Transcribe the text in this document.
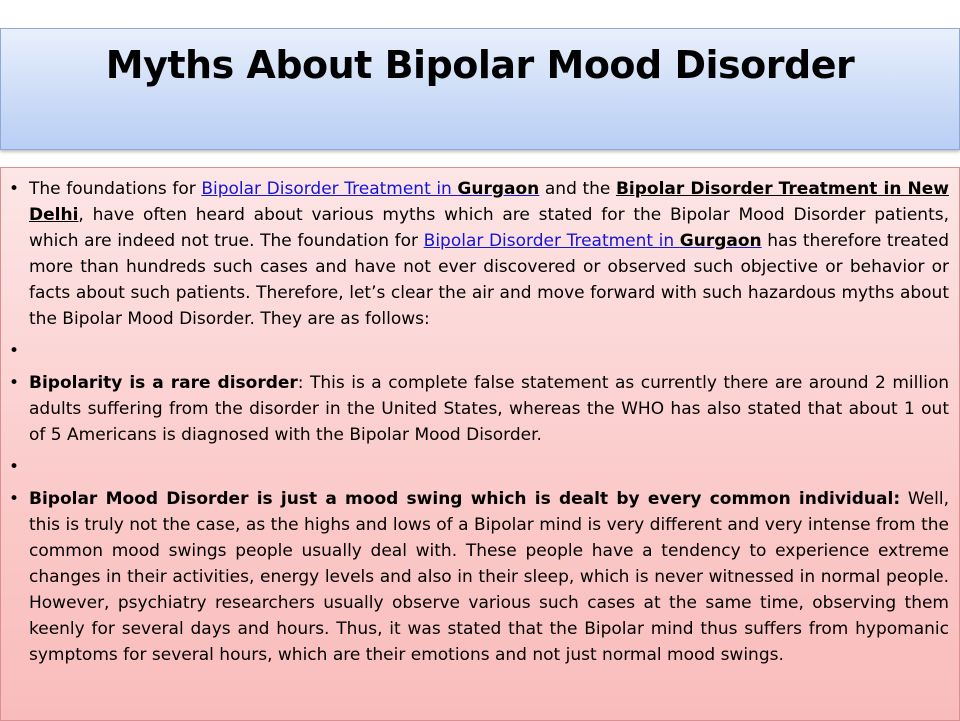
Myths About Bipolar Mood Disorder
• The foundations for Bipolar Disorder Treatment in Gurgaon and the Bipolar Disorder Treatment in New Delhi, have often heard about various myths which are stated for the Bipolar Mood Disorder patients, which are indeed not true. The foundation for Bipolar Disorder Treatment in Gurgaon has therefore treated more than hundreds such cases and have not ever discovered or observed such objective or behavior or facts about such patients. Therefore, let’s clear the air and move forward with such hazardous myths about the Bipolar Mood Disorder. They are as follows:
•
• Bipolarity is a rare disorder: This is a complete false statement as currently there are around 2 million adults suffering from the disorder in the United States, whereas the WHO has also stated that about 1 out of 5 Americans is diagnosed with the Bipolar Mood Disorder.
•
• Bipolar Mood Disorder is just a mood swing which is dealt by every common individual: Well, this is truly not the case, as the highs and lows of a Bipolar mind is very different and very intense from the common mood swings people usually deal with. These people have a tendency to experience extreme changes in their activities, energy levels and also in their sleep, which is never witnessed in normal people. However, psychiatry researchers usually observe various such cases at the same time, observing them keenly for several days and hours. Thus, it was stated that the Bipolar mind thus suffers from hypomanic symptoms for several hours, which are their emotions and not just normal mood swings.
